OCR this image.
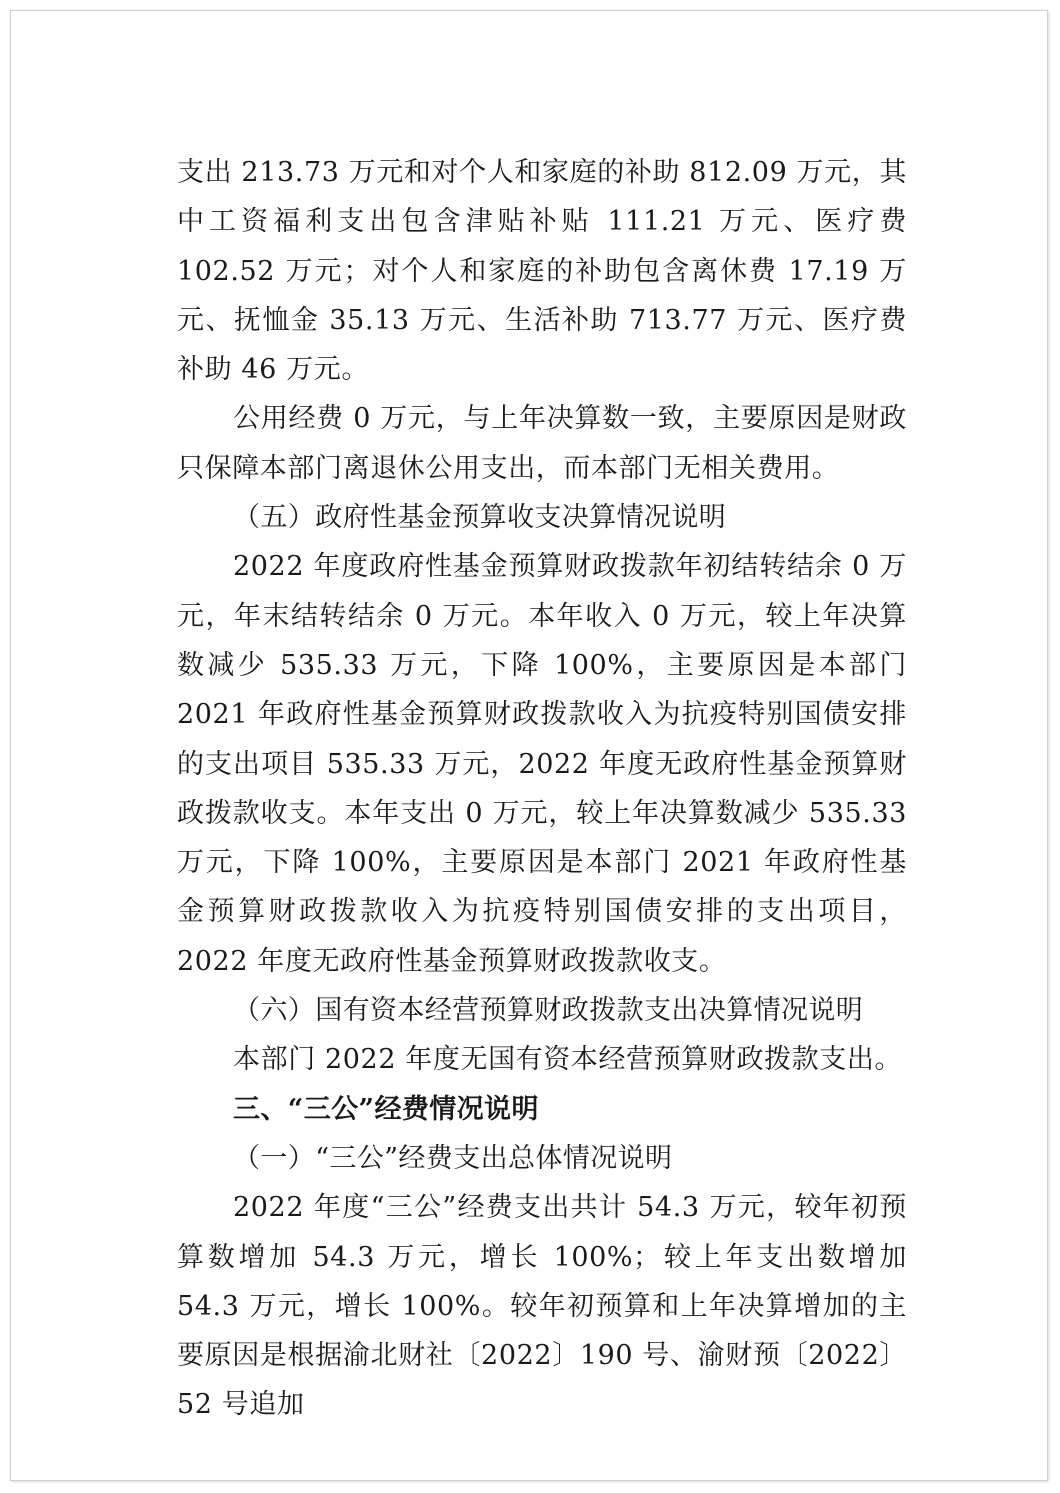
支出 213.73 万元和对个人和家庭的补助 812.09 万元，其中工资福利支出包含津贴补贴 111.21 万元、医疗费 102.52 万元；对个人和家庭的补助包含离休费 17.19 万元、抚恤金 35.13 万元、生活补助 713.77 万元、医疗费补助 46 万元。

公用经费 0 万元，与上年决算数一致，主要原因是财政只保障本部门离退休公用支出，而本部门无相关费用。

（五）政府性基金预算收支决算情况说明

2022 年度政府性基金预算财政拨款年初结转结余 0 万元，年末结转结余 0 万元。本年收入 0 万元，较上年决算数减少 535.33 万元，下降 100%，主要原因是本部门 2021 年政府性基金预算财政拨款收入为抗疫特别国债安排的支出项目 535.33 万元，2022 年度无政府性基金预算财政拨款收支。本年支出 0 万元，较上年决算数减少 535.33 万元，下降 100%，主要原因是本部门 2021 年政府性基金预算财政拨款收入为抗疫特别国债安排的支出项目，2022 年度无政府性基金预算财政拨款收支。

（六）国有资本经营预算财政拨款支出决算情况说明

本部门 2022 年度无国有资本经营预算财政拨款支出。

三、“三公”经费情况说明

（一）“三公”经费支出总体情况说明

2022 年度“三公”经费支出共计 54.3 万元，较年初预算数增加 54.3 万元，增长 100%；较上年支出数增加 54.3 万元，增长 100%。较年初预算和上年决算增加的主要原因是根据渝北财社〔2022〕190 号、渝财预〔2022〕52 号追加
